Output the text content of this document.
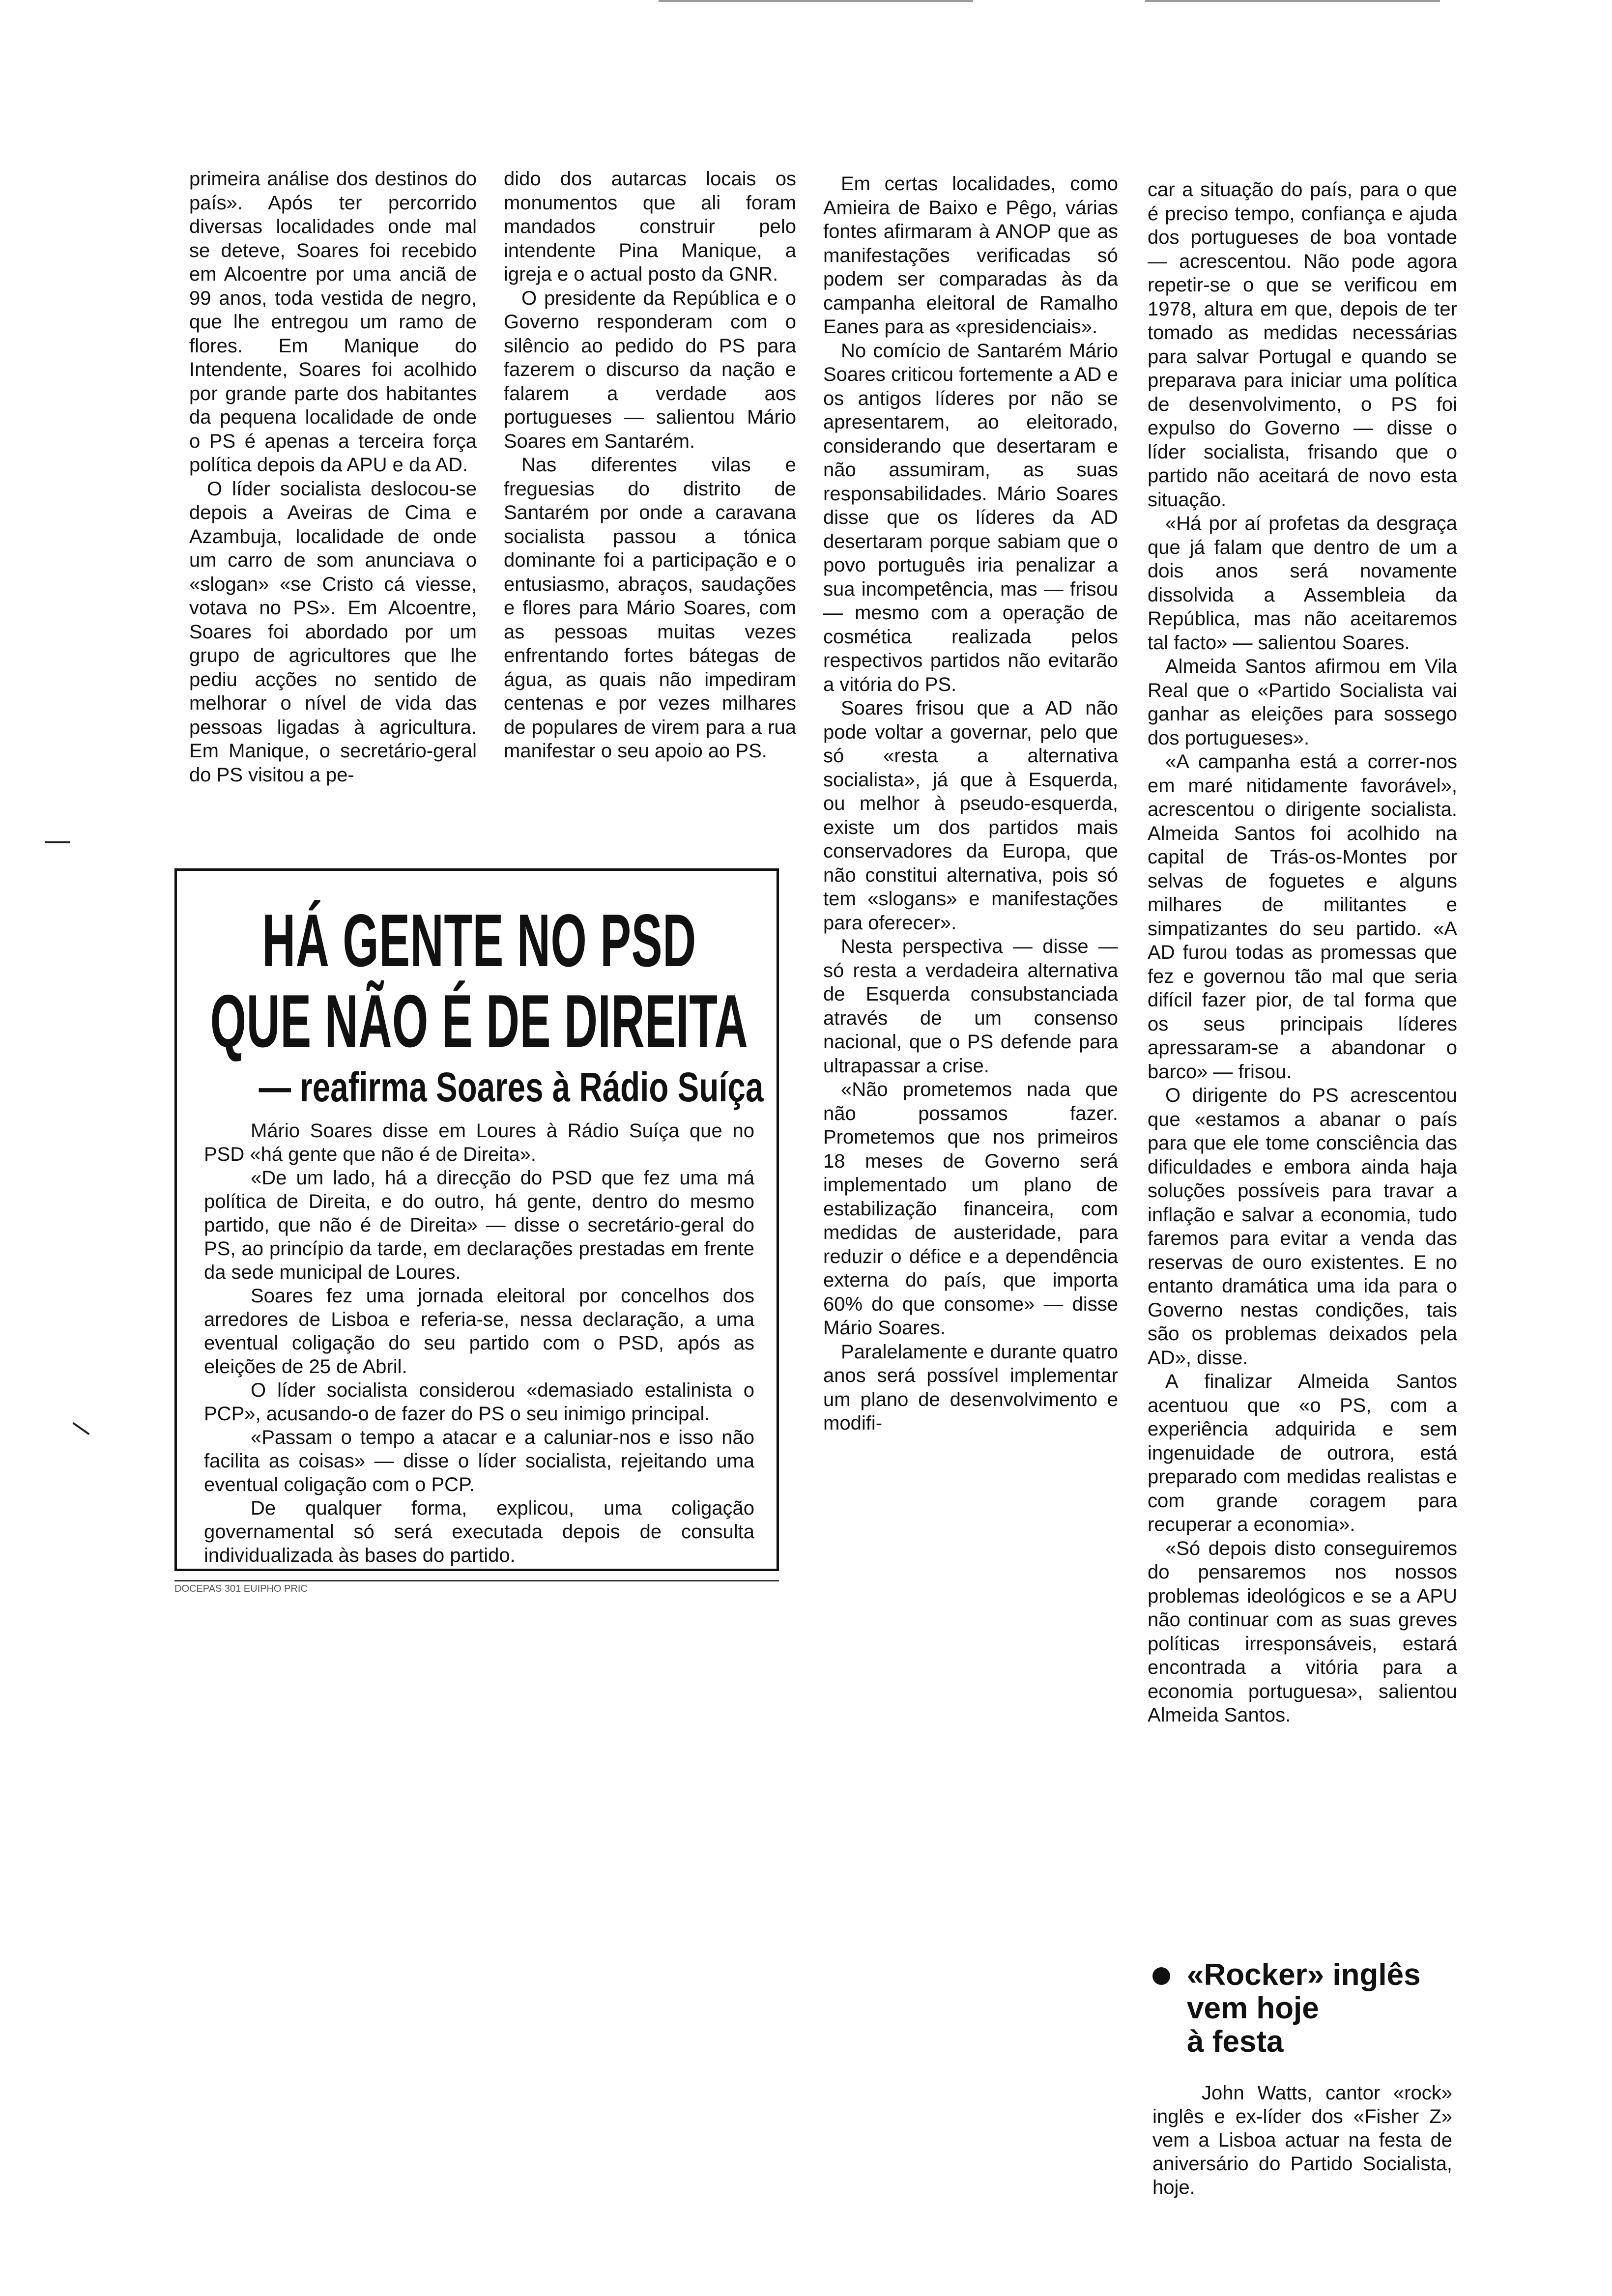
primeira análise dos destinos do país». Após ter percorrido diversas localidades onde mal se deteve, Soares foi recebido em Alcoentre por uma anciã de 99 anos, toda vestida de negro, que lhe entregou um ramo de flores. Em Manique do Intendente, Soares foi acolhido por grande parte dos habitantes da pequena localidade de onde o PS é apenas a terceira força política depois da APU e da AD.

O líder socialista deslocou-se depois a Aveiras de Cima e Azambuja, localidade de onde um carro de som anunciava o «slogan» «se Cristo cá viesse, votava no PS». Em Alcoentre, Soares foi abordado por um grupo de agricultores que lhe pediu acções no sentido de melhorar o nível de vida das pessoas ligadas à agricultura. Em Manique, o secretário-geral do PS visitou a pe-

dido dos autarcas locais os monumentos que ali foram mandados construir pelo intendente Pina Manique, a igreja e o actual posto da GNR.

O presidente da República e o Governo responderam com o silêncio ao pedido do PS para fazerem o discurso da nação e falarem a verdade aos portugueses — salientou Mário Soares em Santarém.

Nas diferentes vilas e freguesias do distrito de Santarém por onde a caravana socialista passou a tónica dominante foi a participação e o entusiasmo, abraços, saudações e flores para Mário Soares, com as pessoas muitas vezes enfrentando fortes bátegas de água, as quais não impediram centenas e por vezes milhares de populares de virem para a rua manifestar o seu apoio ao PS.

Em certas localidades, como Amieira de Baixo e Pêgo, várias fontes afirmaram à ANOP que as manifestações verificadas só podem ser comparadas às da campanha eleitoral de Ramalho Eanes para as «presidenciais».

No comício de Santarém Mário Soares criticou fortemente a AD e os antigos líderes por não se apresentarem, ao eleitorado, considerando que desertaram e não assumiram, as suas responsabilidades. Mário Soares disse que os líderes da AD desertaram porque sabiam que o povo português iria penalizar a sua incompetência, mas — frisou — mesmo com a operação de cosmética realizada pelos respectivos partidos não evitarão a vitória do PS.

Soares frisou que a AD não pode voltar a governar, pelo que só «resta a alternativa socialista», já que à Esquerda, ou melhor à pseudo-esquerda, existe um dos partidos mais conservadores da Europa, que não constitui alternativa, pois só tem «slogans» e manifestações para oferecer».

Nesta perspectiva — disse — só resta a verdadeira alternativa de Esquerda consubstanciada através de um consenso nacional, que o PS defende para ultrapassar a crise.

«Não prometemos nada que não possamos fazer. Prometemos que nos primeiros 18 meses de Governo será implementado um plano de estabilização financeira, com medidas de austeridade, para reduzir o défice e a dependência externa do país, que importa 60% do que consome» — disse Mário Soares.

Paralelamente e durante quatro anos será possível implementar um plano de desenvolvimento e modifi-

car a situação do país, para o que é preciso tempo, confiança e ajuda dos portugueses de boa vontade — acrescentou. Não pode agora repetir-se o que se verificou em 1978, altura em que, depois de ter tomado as medidas necessárias para salvar Portugal e quando se preparava para iniciar uma política de desenvolvimento, o PS foi expulso do Governo — disse o líder socialista, frisando que o partido não aceitará de novo esta situação.

«Há por aí profetas da desgraça que já falam que dentro de um a dois anos será novamente dissolvida a Assembleia da República, mas não aceitaremos tal facto» — salientou Soares.

Almeida Santos afirmou em Vila Real que o «Partido Socialista vai ganhar as eleições para sossego dos portugueses».

«A campanha está a correr-nos em maré nitidamente favorável», acrescentou o dirigente socialista. Almeida Santos foi acolhido na capital de Trás-os-Montes por selvas de foguetes e alguns milhares de militantes e simpatizantes do seu partido. «A AD furou todas as promessas que fez e governou tão mal que seria difícil fazer pior, de tal forma que os seus principais líderes apressaram-se a abandonar o barco» — frisou.

O dirigente do PS acrescentou que «estamos a abanar o país para que ele tome consciência das dificuldades e embora ainda haja soluções possíveis para travar a inflação e salvar a economia, tudo faremos para evitar a venda das reservas de ouro existentes. E no entanto dramática uma ida para o Governo nestas condições, tais são os problemas deixados pela AD», disse.

A finalizar Almeida Santos acentuou que «o PS, com a experiência adquirida e sem ingenuidade de outrora, está preparado com medidas realistas e com grande coragem para recuperar a economia».

«Só depois disto conseguiremos do pensaremos nos nossos problemas ideológicos e se a APU não continuar com as suas greves políticas irresponsáveis, estará encontrada a vitória para a economia portuguesa», salientou Almeida Santos.

HÁ GENTE NO PSD
QUE NÃO É DE DIREITA
— reafirma Soares à Rádio Suíça

Mário Soares disse em Loures à Rádio Suíça que no PSD «há gente que não é de Direita».

«De um lado, há a direcção do PSD que fez uma má política de Direita, e do outro, há gente, dentro do mesmo partido, que não é de Direita» — disse o secretário-geral do PS, ao princípio da tarde, em declarações prestadas em frente da sede municipal de Loures.

Soares fez uma jornada eleitoral por concelhos dos arredores de Lisboa e referia-se, nessa declaração, a uma eventual coligação do seu partido com o PSD, após as eleições de 25 de Abril.

O líder socialista considerou «demasiado estalinista o PCP», acusando-o de fazer do PS o seu inimigo principal.

«Passam o tempo a atacar e a caluniar-nos e isso não facilita as coisas» — disse o líder socialista, rejeitando uma eventual coligação com o PCP.

De qualquer forma, explicou, uma coligação governamental só será executada depois de consulta individualizada às bases do partido.

DOCEPAS 301 EUIPHO PRIC
«Rocker» inglês
vem hoje
à festa

John Watts, cantor «rock» inglês e ex-líder dos «Fisher Z» vem a Lisboa actuar na festa de aniversário do Partido Socialista, hoje.
